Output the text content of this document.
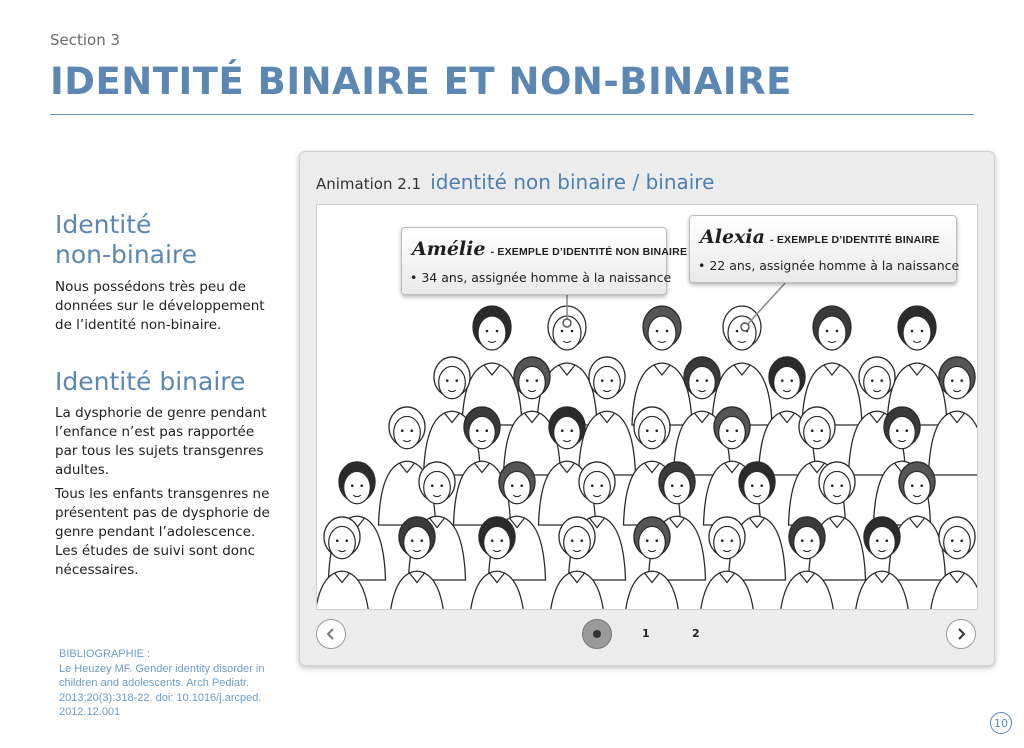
Section 3
IDENTITÉ BINAIRE ET NON-BINAIRE
Identité
non-binaire
Nous possédons très peu de données sur le développement de l’identité non-binaire.
Identité binaire
La dysphorie de genre pendant l’enfance n’est pas rapportée par tous les sujets transgenres adultes.
Tous les enfants transgenres ne présentent pas de dysphorie de genre pendant l’adolescence. Les études de suivi sont donc nécessaires.
BIBLIOGRAPHIE :
Le Heuzey MF. Gender identity disorder in children and adolescents. Arch Pediatr. 2013;20(3):318-22. doi: 10.1016/j.arcped. 2012.12.001
Animation 2.1 identité non binaire / binaire
Amélie - EXEMPLE D’IDENTITÉ NON BINAIRE
• 34 ans, assignée homme à la naissance
Alexia - EXEMPLE D’IDENTITÉ BINAIRE
• 22 ans, assignée homme à la naissance
1	2
10
